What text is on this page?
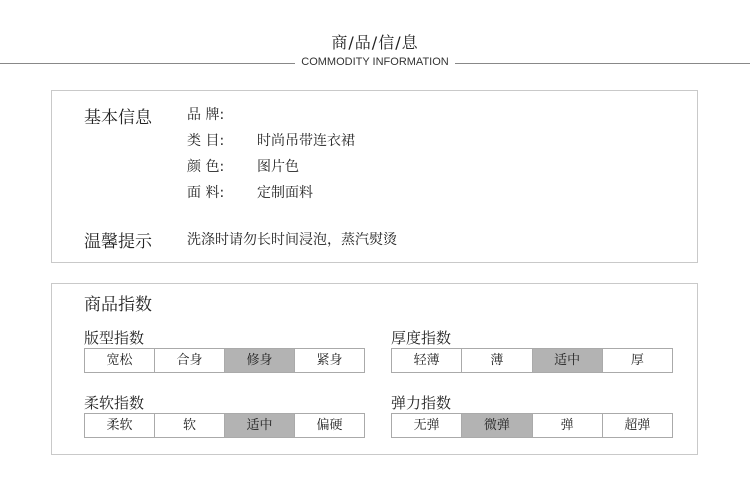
商/品/信/息
COMMODITY INFORMATION
基本信息	品 牌:
类 目: 时尚吊带连衣裙
颜 色: 图片色
面 料: 定制面料
温馨提示	洗涤时请勿长时间浸泡，蒸汽熨烫
商品指数
版型指数
宽松	合身	修身	紧身
厚度指数
轻薄	薄	适中	厚
柔软指数
柔软	软	适中	偏硬
弹力指数
无弹	微弹	弹	超弹
